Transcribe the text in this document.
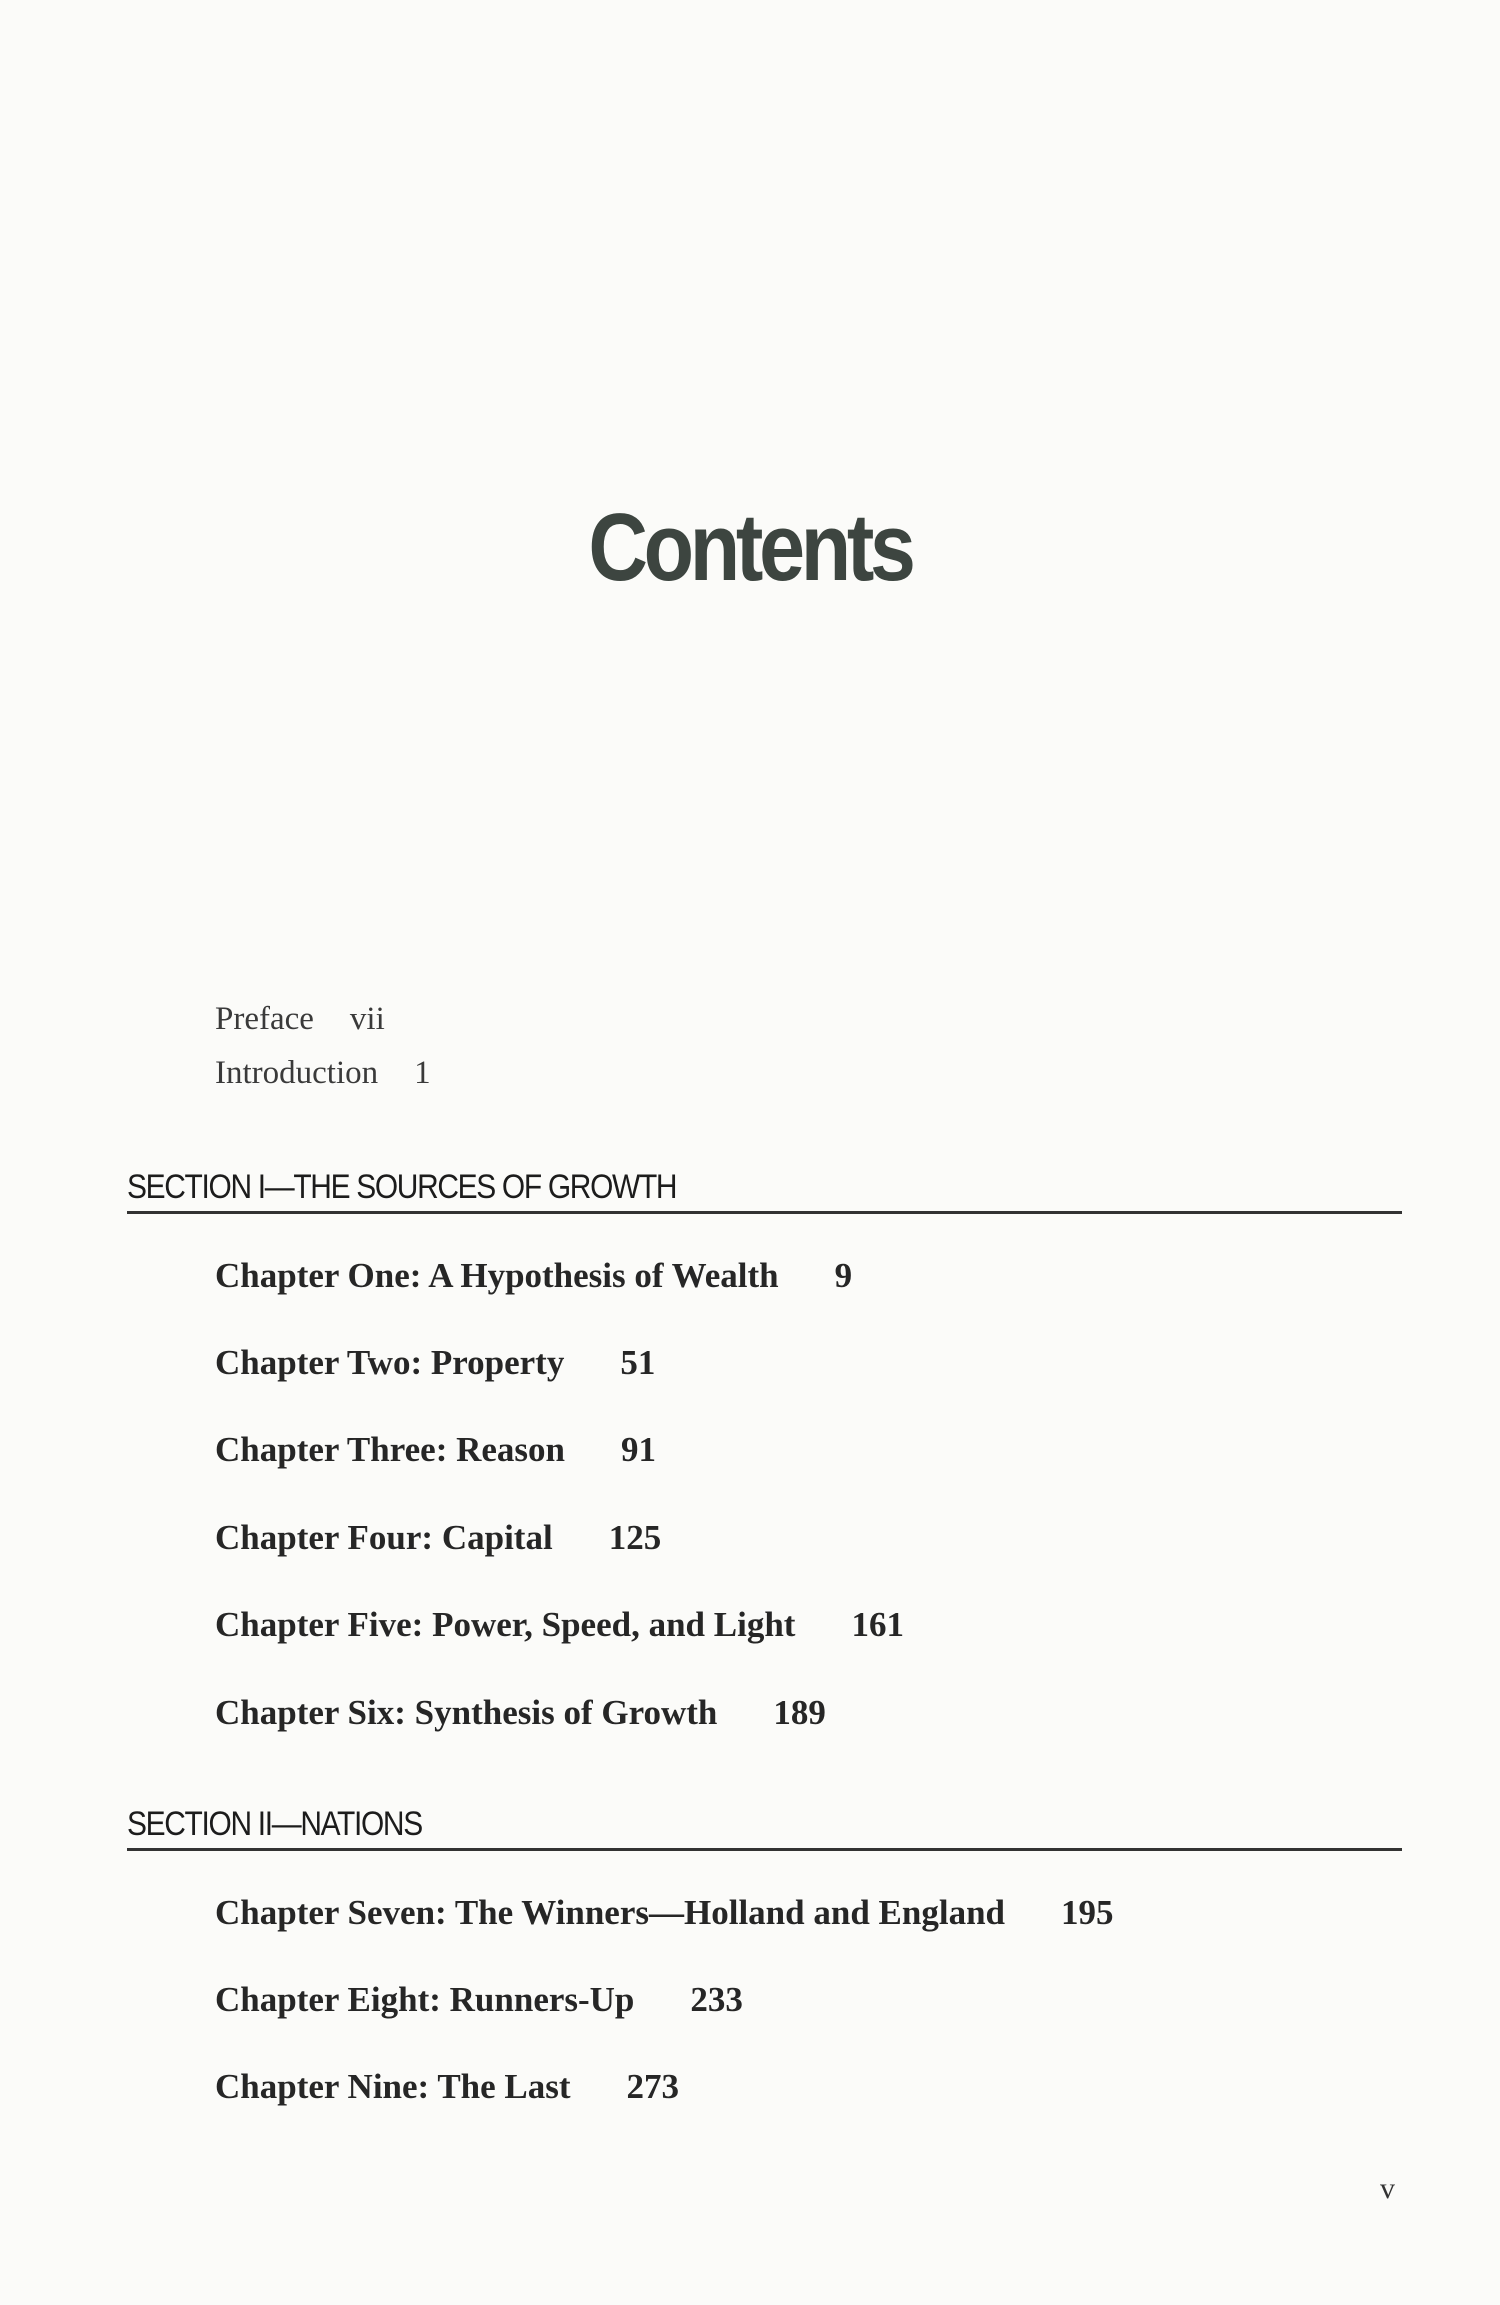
Contents
Preface vii
Introduction 1
SECTION I—THE SOURCES OF GROWTH
Chapter One: A Hypothesis of Wealth 9
Chapter Two: Property 51
Chapter Three: Reason 91
Chapter Four: Capital 125
Chapter Five: Power, Speed, and Light 161
Chapter Six: Synthesis of Growth 189
SECTION II—NATIONS
Chapter Seven: The Winners—Holland and England 195
Chapter Eight: Runners-Up 233
Chapter Nine: The Last 273
v
